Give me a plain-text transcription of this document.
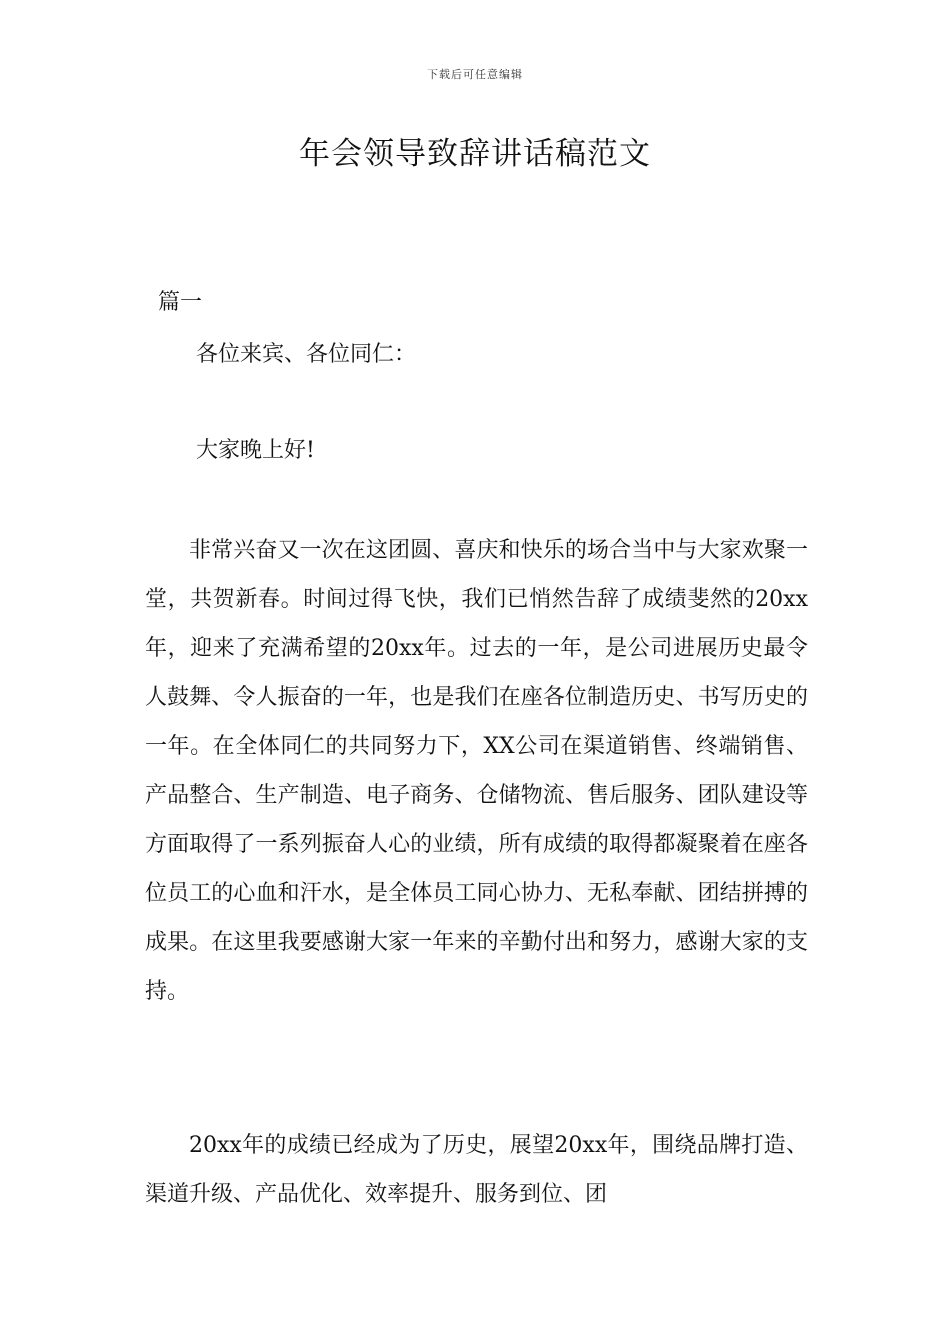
下载后可任意编辑
年会领导致辞讲话稿范文
篇一
各位来宾、各位同仁：
大家晚上好!

非常兴奋又一次在这团圆、喜庆和快乐的场合当中与大家欢聚一堂，共贺新春。时间过得飞快，我们已悄然告辞了成绩斐然的20xx年，迎来了充满希望的20xx年。过去的一年，是公司进展历史最令人鼓舞、令人振奋的一年，也是我们在座各位制造历史、书写历史的一年。在全体同仁的共同努力下，XX公司在渠道销售、终端销售、产品整合、生产制造、电子商务、仓储物流、售后服务、团队建设等方面取得了一系列振奋人心的业绩，所有成绩的取得都凝聚着在座各位员工的心血和汗水，是全体员工同心协力、无私奉献、团结拼搏的成果。在这里我要感谢大家一年来的辛勤付出和努力，感谢大家的支持。

20xx年的成绩已经成为了历史，展望20xx年，围绕品牌打造、渠道升级、产品优化、效率提升、服务到位、团
